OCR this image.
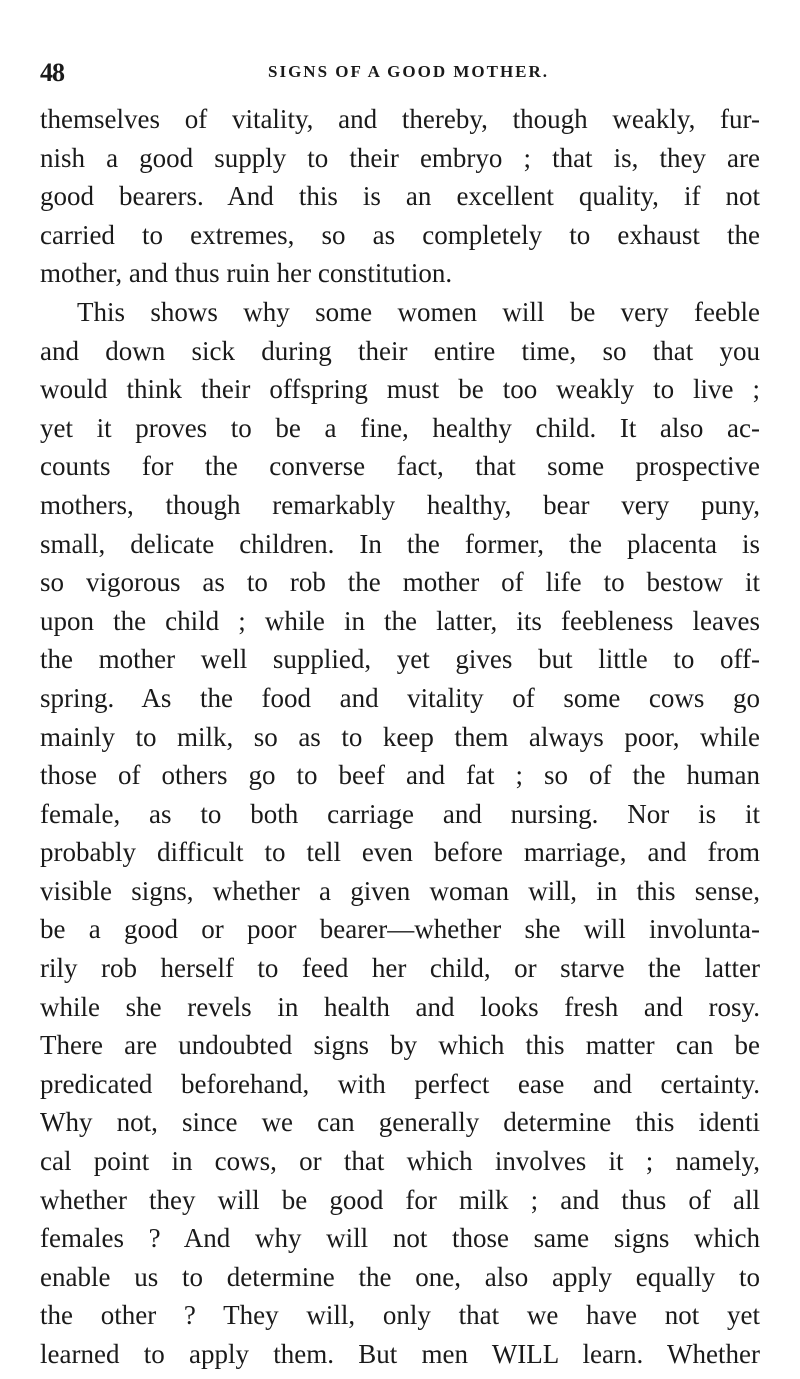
48	SIGNS OF A GOOD MOTHER.
themselves of vitality, and thereby, though weakly, fur-
nish a good supply to their embryo ; that is, they are
good bearers. And this is an excellent quality, if not
carried to extremes, so as completely to exhaust the
mother, and thus ruin her constitution.
This shows why some women will be very feeble
and down sick during their entire time, so that you
would think their offspring must be too weakly to live ;
yet it proves to be a fine, healthy child. It also ac-
counts for the converse fact, that some prospective
mothers, though remarkably healthy, bear very puny,
small, delicate children. In the former, the placenta is
so vigorous as to rob the mother of life to bestow it
upon the child ; while in the latter, its feebleness leaves
the mother well supplied, yet gives but little to off-
spring. As the food and vitality of some cows go
mainly to milk, so as to keep them always poor, while
those of others go to beef and fat ; so of the human
female, as to both carriage and nursing. Nor is it
probably difficult to tell even before marriage, and from
visible signs, whether a given woman will, in this sense,
be a good or poor bearer—whether she will involunta-
rily rob herself to feed her child, or starve the latter
while she revels in health and looks fresh and rosy.
There are undoubted signs by which this matter can be
predicated beforehand, with perfect ease and certainty.
Why not, since we can generally determine this identi
cal point in cows, or that which involves it ; namely,
whether they will be good for milk ; and thus of all
females ? And why will not those same signs which
enable us to determine the one, also apply equally to
the other ? They will, only that we have not yet
learned to apply them. But men WILL learn. Whether
